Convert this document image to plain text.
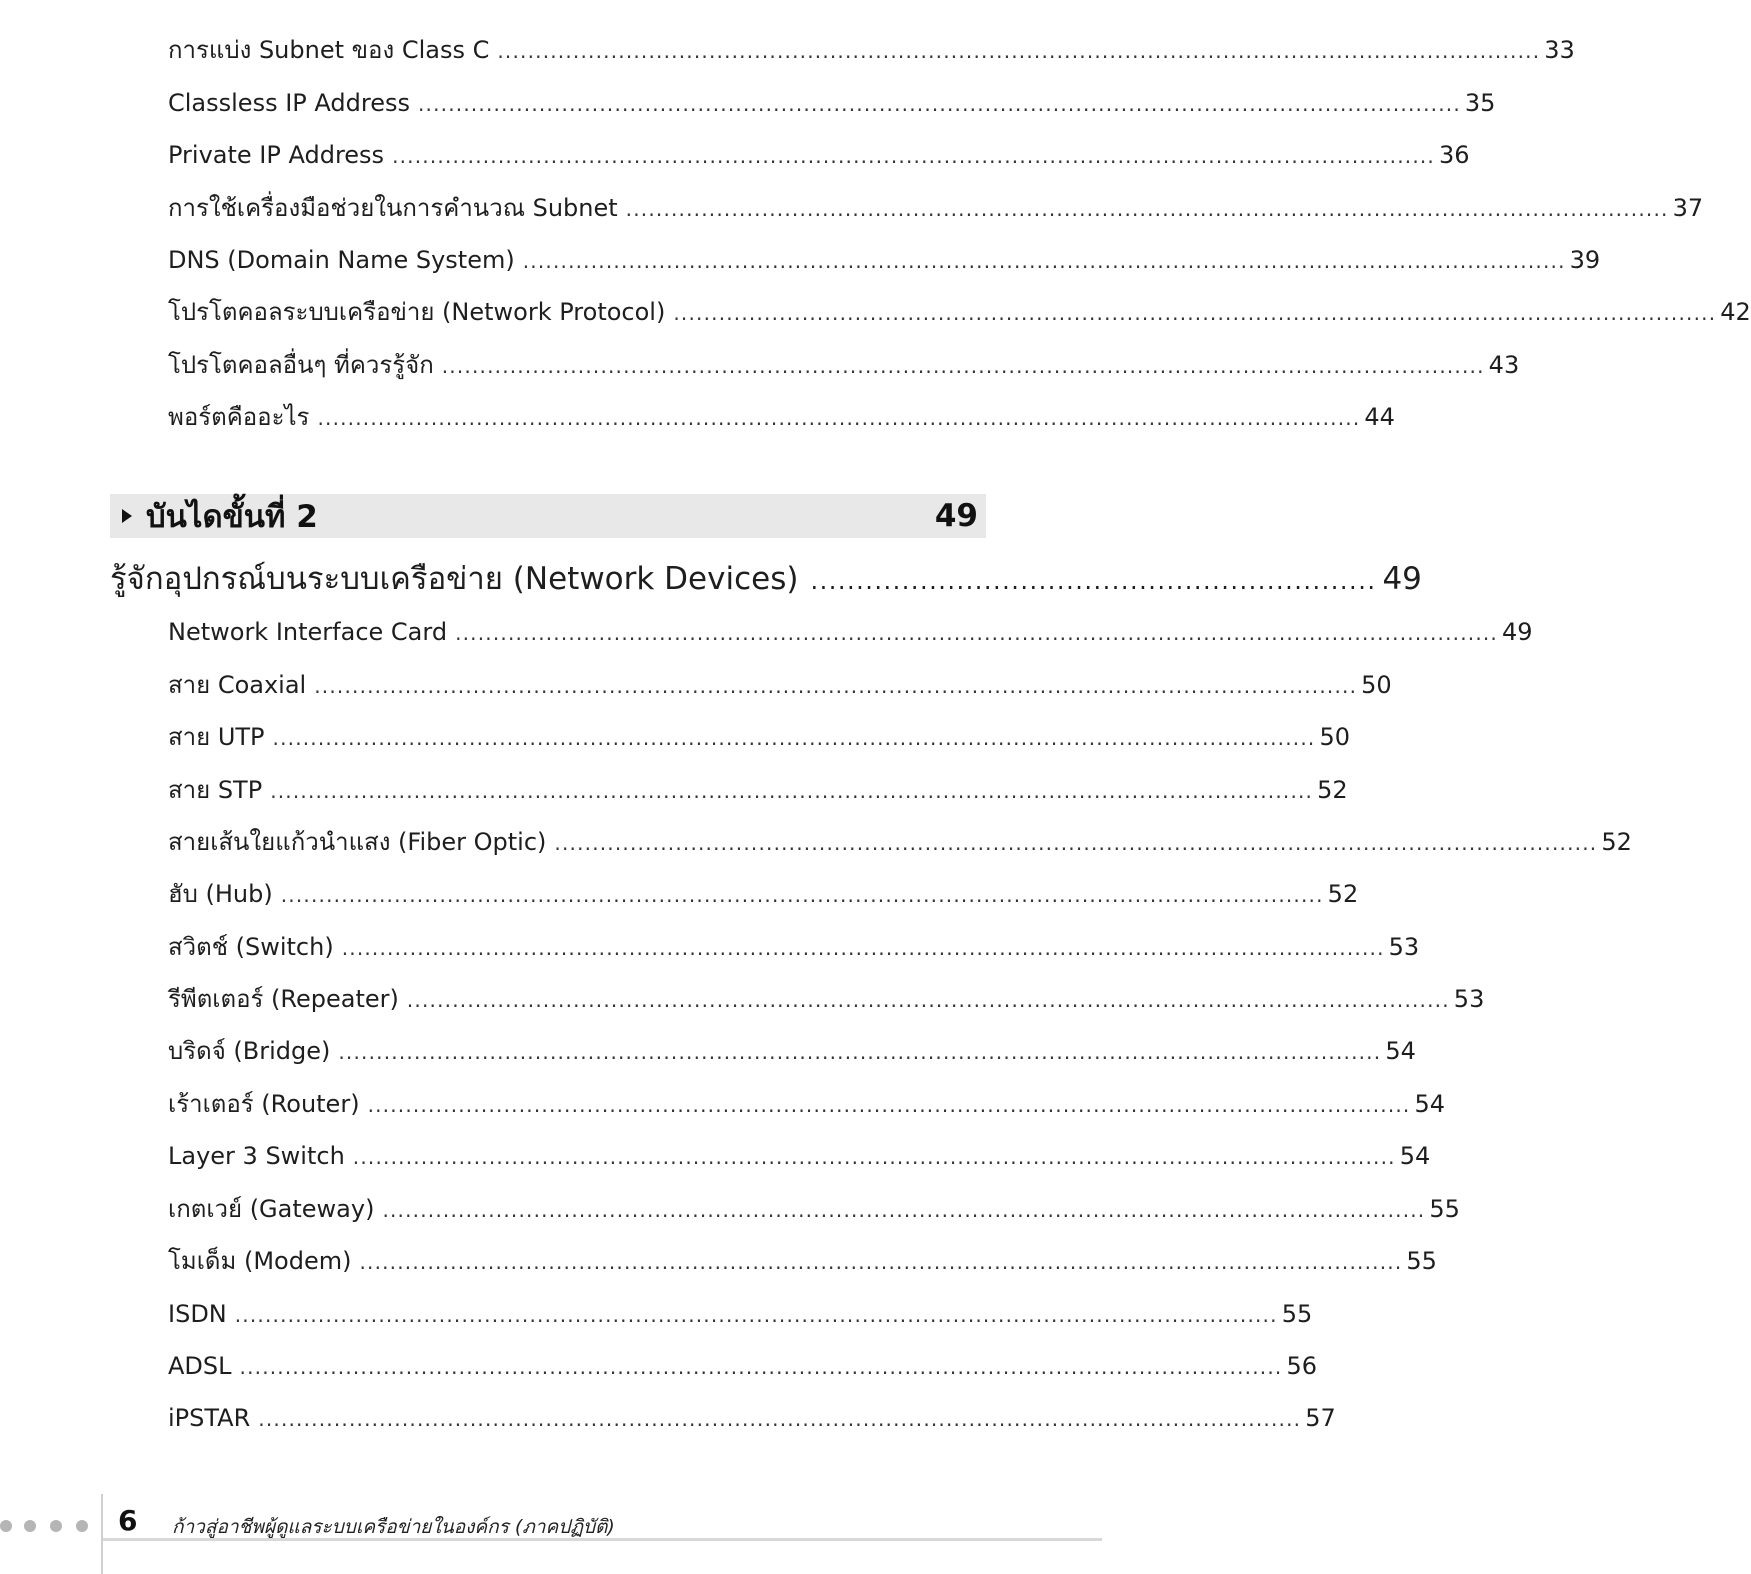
การแบ่ง Subnet ของ Class C .......................................................................................................................................... 33
Classless IP Address .......................................................................................................................................... 35
Private IP Address .......................................................................................................................................... 36
การใช้เครื่องมือช่วยในการคำนวณ Subnet .......................................................................................................................................... 37
DNS (Domain Name System) .......................................................................................................................................... 39
โปรโตคอลระบบเครือข่าย (Network Protocol) .......................................................................................................................................... 42
โปรโตคอลอื่นๆ ที่ควรรู้จัก .......................................................................................................................................... 43
พอร์ตคืออะไร .......................................................................................................................................... 44
บันไดขั้นที่ 2	49
รู้จักอุปกรณ์บนระบบเครือข่าย (Network Devices) .............................................................. 49
Network Interface Card .......................................................................................................................................... 49
สาย Coaxial .......................................................................................................................................... 50
สาย UTP .......................................................................................................................................... 50
สาย STP .......................................................................................................................................... 52
สายเส้นใยแก้วนำแสง (Fiber Optic) .......................................................................................................................................... 52
ฮับ (Hub) .......................................................................................................................................... 52
สวิตช์ (Switch) .......................................................................................................................................... 53
รีพีตเตอร์ (Repeater) .......................................................................................................................................... 53
บริดจ์ (Bridge) .......................................................................................................................................... 54
เร้าเตอร์ (Router) .......................................................................................................................................... 54
Layer 3 Switch .......................................................................................................................................... 54
เกตเวย์ (Gateway) .......................................................................................................................................... 55
โมเด็ม (Modem) .......................................................................................................................................... 55
ISDN .......................................................................................................................................... 55
ADSL .......................................................................................................................................... 56
iPSTAR .......................................................................................................................................... 57
6 ก้าวสู่อาชีพผู้ดูแลระบบเครือข่ายในองค์กร (ภาคปฏิบัติ)
